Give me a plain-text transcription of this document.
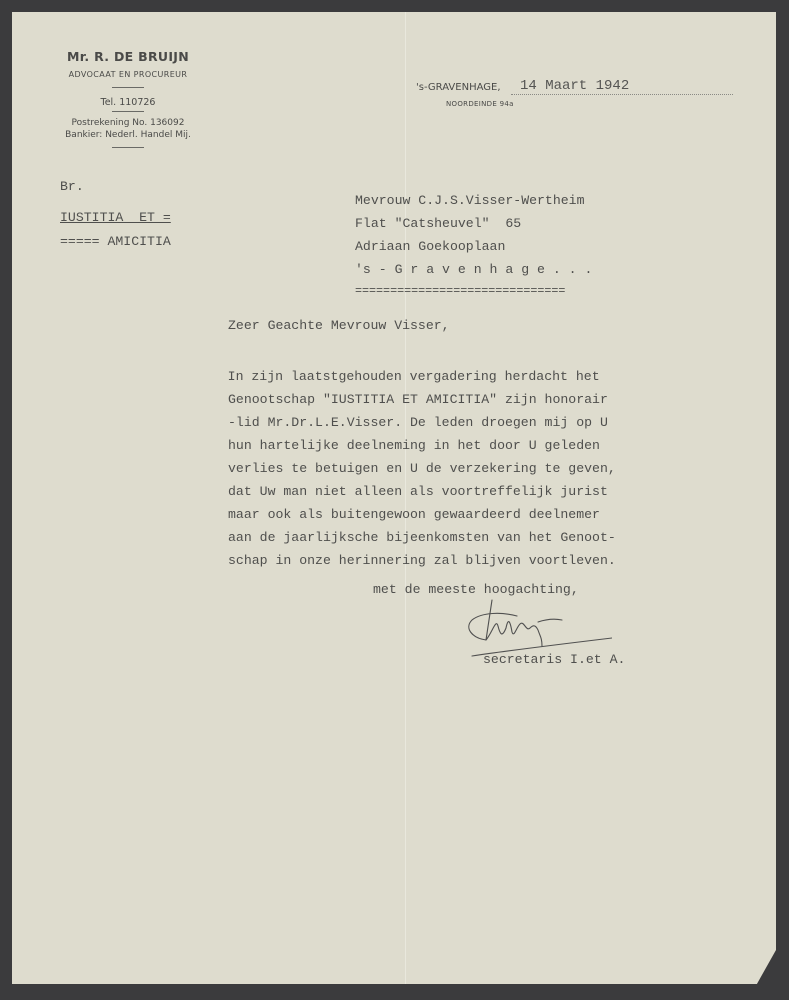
Mr. R. DE BRUIJN
ADVOCAAT EN PROCUREUR
Tel. 110726
Postrekening No. 136092
Bankier: Nederl. Handel Mij.
's-GRAVENHAGE, 14 Maart 1942
NOORDEINDE 94a
Br.
IUSTITIA  ET =
===== AMICITIA
Mevrouw C.J.S.Visser-Wertheim
Flat "Catsheuvel"  65
Adriaan Goekooplaan
's - G r a v e n h a g e . . .
==============================
Zeer Geachte Mevrouw Visser,
In zijn laatstgehouden vergadering herdacht het
Genootschap "IUSTITIA ET AMICITIA" zijn honorair
-lid Mr.Dr.L.E.Visser. De leden droegen mij op U
hun hartelijke deelneming in het door U geleden
verlies te betuigen en U de verzekering te geven,
dat Uw man niet alleen als voortreffelijk jurist
maar ook als buitengewoon gewaardeerd deelnemer
aan de jaarlijksche bijeenkomsten van het Genoot-
schap in onze herinnering zal blijven voortleven.
met de meeste hoogachting,
secretaris I.et A.
